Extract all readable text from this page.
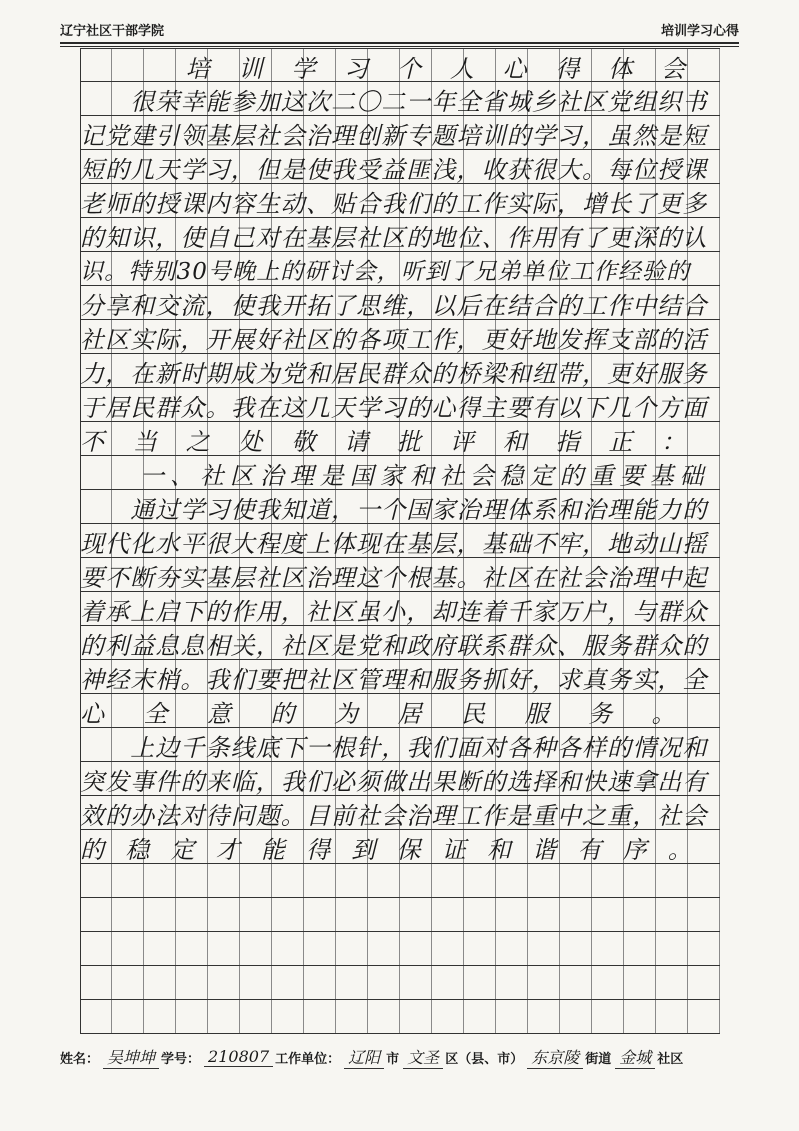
辽宁社区干部学院	培训学习心得
　　培训学习个人心得体会
　　很荣幸能参加这次二〇二一年全省城乡社区党组织书
记党建引领基层社会治理创新专题培训的学习，虽然是短
短的几天学习，但是使我受益匪浅，收获很大。每位授课
老师的授课内容生动、贴合我们的工作实际，增长了更多
的知识，使自己对在基层社区的地位、作用有了更深的认
识。特别30号晚上的研讨会，听到了兄弟单位工作经验的
分享和交流，使我开拓了思维，以后在结合的工作中结合
社区实际，开展好社区的各项工作，更好地发挥支部的活
力，在新时期成为党和居民群众的桥梁和纽带，更好服务
于居民群众。我在这几天学习的心得主要有以下几个方面
不当之处敬请批评和指正：
　　一、社区治理是国家和社会稳定的重要基础
　　通过学习使我知道，一个国家治理体系和治理能力的
现代化水平很大程度上体现在基层，基础不牢，地动山摇
要不断夯实基层社区治理这个根基。社区在社会治理中起
着承上启下的作用，社区虽小，却连着千家万户，与群众
的利益息息相关，社区是党和政府联系群众、服务群众的
神经末梢。我们要把社区管理和服务抓好，求真务实，全
心全意的为居民服务。
　　上边千条线底下一根针，我们面对各种各样的情况和
突发事件的来临，我们必须做出果断的选择和快速拿出有
效的办法对待问题。目前社会治理工作是重中之重，社会
的稳定才能得到保证和谐有序。
姓名： 吴坤坤 学号： 210807 工作单位： 辽阳 市 文圣 区（县、市） 东京陵 街道 金城 社区
